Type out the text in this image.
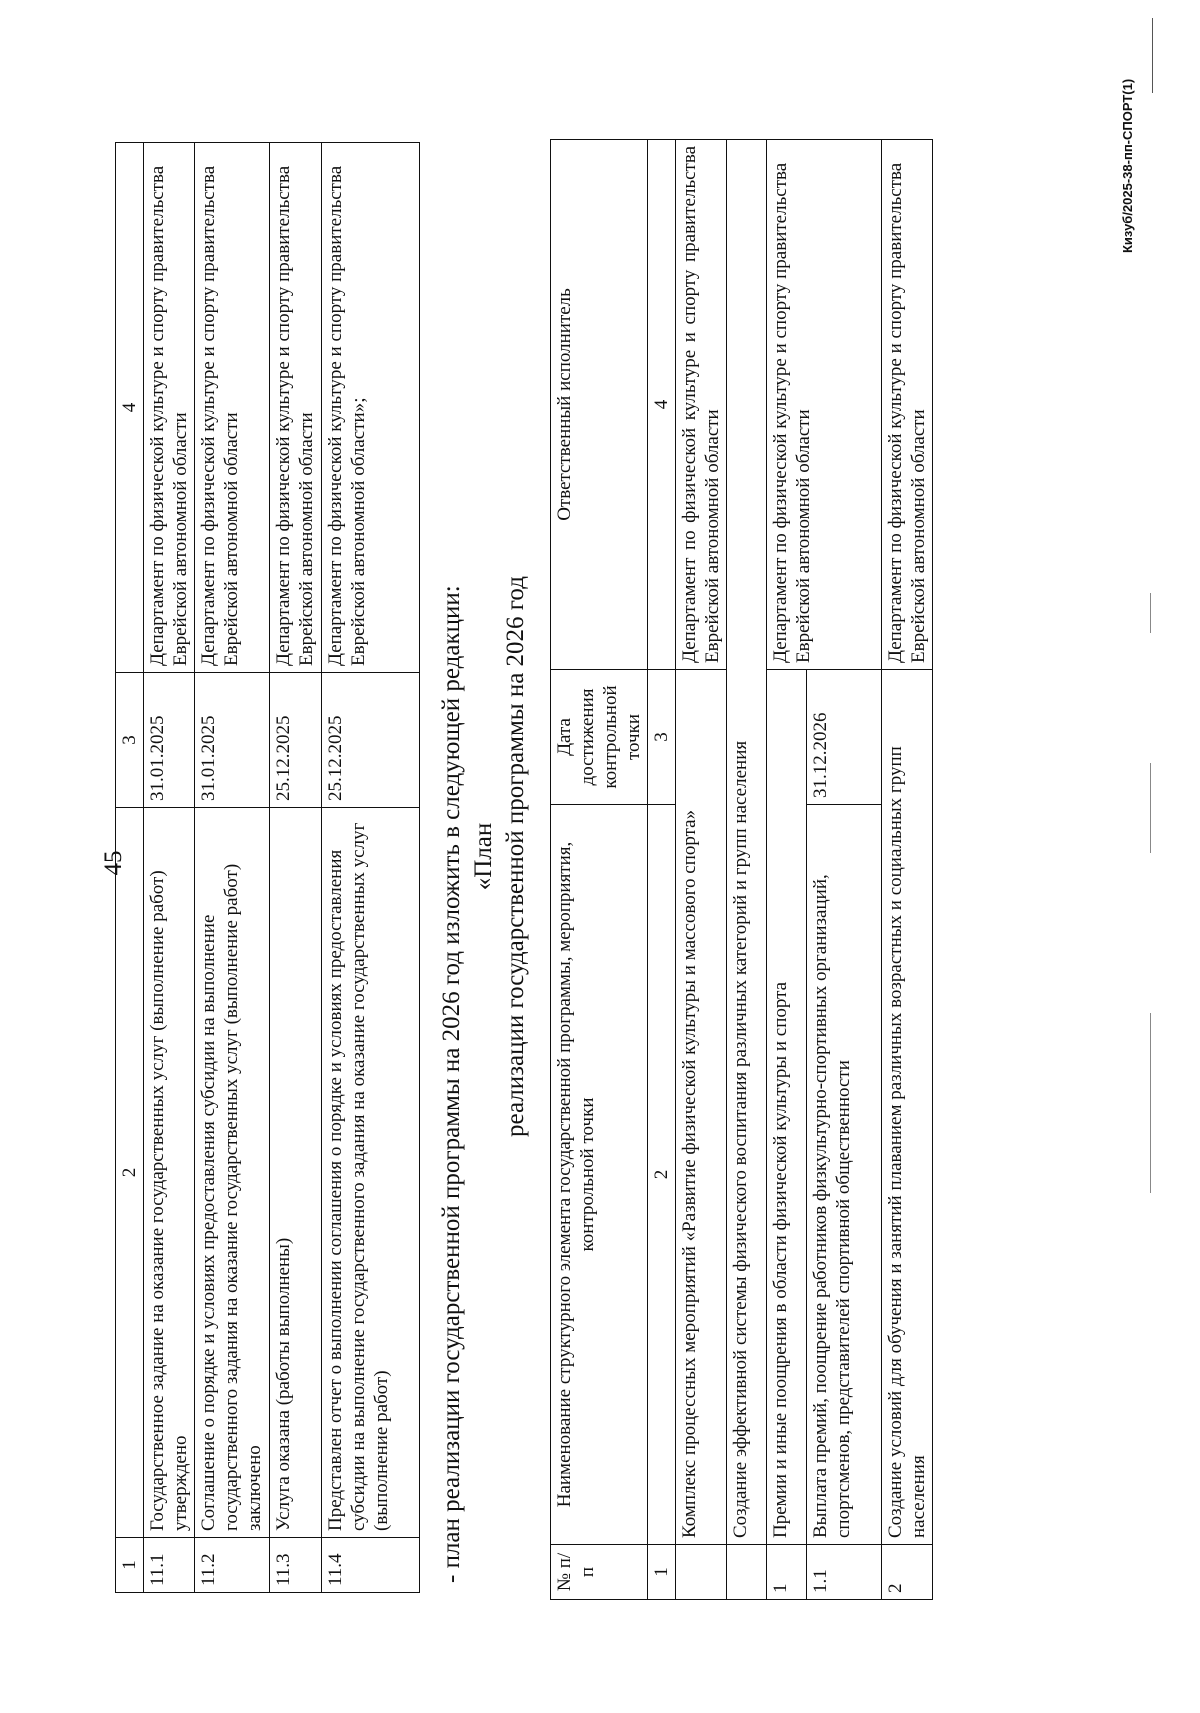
45
1	2	3	4
11.1	Государственное задание на оказание государственных услуг (выполнение работ) утверждено	31.01.2025	Департамент по физической культуре и спорту правительства Еврейской автономной области
11.2	Соглашение о порядке и условиях предоставления субсидии на выполнение государственного задания на оказание государственных услуг (выполнение работ) заключено	31.01.2025	Департамент по физической культуре и спорту правительства Еврейской автономной области
11.3	Услуга оказана (работы выполнены)	25.12.2025	Департамент по физической культуре и спорту правительства Еврейской автономной области
11.4	Представлен отчет о выполнении соглашения о порядке и условиях предоставления субсидии на выполнение государственного задания на оказание государственных услуг (выполнение работ)	25.12.2025	Департамент по физической культуре и спорту правительства Еврейской автономной области»;
- план реализации государственной программы на 2026 год изложить в следующей редакции: «План реализации государственной программы на 2026 год
№ п/п	Наименование структурного элемента государственной программы, мероприятия, контрольной точки	Дата достижения контрольной точки	Ответственный исполнитель
1	2	3	4
	Комплекс процессных мероприятий «Развитие физической культуры и массового спорта»		Департамент по физической культуре и спорту правительства Еврейской автономной области
	Создание эффективной системы физического воспитания различных категорий и групп населения		
1	Премии и иные поощрения в области физической культуры и спорта		Департамент по физической культуре и спорту правительства Еврейской автономной области
1.1	Выплата премий, поощрение работников физкультурно-спортивных организаций, спортсменов, представителей спортивной общественности	31.12.2026	
2	Создание условий для обучения и занятий плаванием различных возрастных и социальных групп населения		Департамент по физической культуре и спорту правительства Еврейской автономной области
Кизуб/2025-38-пп-СПОРТ(1)
